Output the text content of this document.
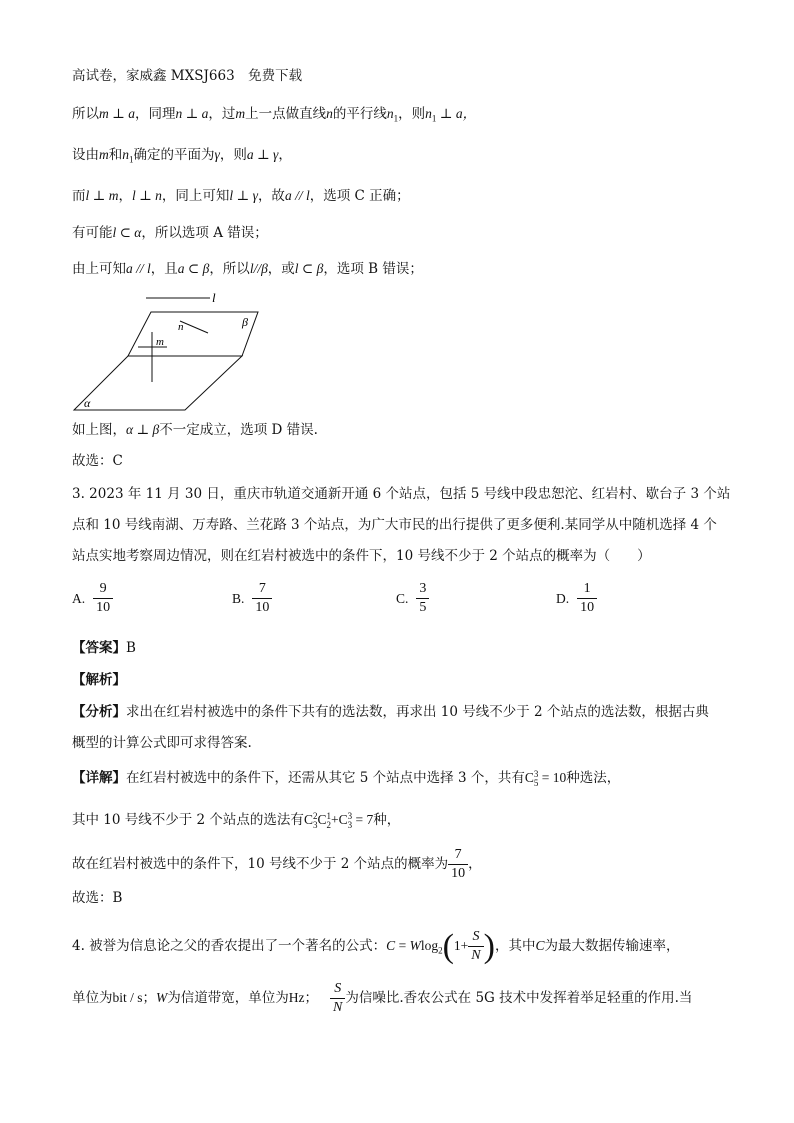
高试卷，家威鑫 MXSJ663　免费下载
所以m ⊥ a，同理n ⊥ a，过m上一点做直线n的平行线$n_1$，则$n_1$ ⊥ a，
设由m和$n_1$确定的平面为γ，则a ⊥ γ，
而l ⊥ m，l ⊥ n，同上可知l ⊥ γ，故a // l，选项 C 正确；
有可能l ⊂ α，所以选项 A 错误；
由上可知a // l，且a ⊂ β，所以l//β，或l ⊂ β，选项 B 错误；
l
β
n
m
α
如上图，α ⊥ β不一定成立，选项 D 错误.
故选：C
3. 2023 年 11 月 30 日，重庆市轨道交通新开通 6 个站点，包括 5 号线中段忠恕沱、红岩村、歇台子 3 个站
点和 10 号线南湖、万寿路、兰花路 3 个站点，为广大市民的出行提供了更多便利.某同学从中随机选择 4 个
站点实地考察周边情况，则在红岩村被选中的条件下，10 号线不少于 2 个站点的概率为（　　）
A. $\frac{9}{10}$	B. $\frac{7}{10}$	C. $\frac{3}{5}$	D. $\frac{1}{10}$
【答案】B
【解析】
【分析】求出在红岩村被选中的条件下共有的选法数，再求出 10 号线不少于 2 个站点的选法数，根据古典
概型的计算公式即可求得答案.
【详解】在红岩村被选中的条件下，还需从其它 5 个站点中选择 3 个，共有C 3
5 = 10种选法，
其中 10 号线不少于 2 个站点的选法有C 2
3 C 1
2 +C 3
3 = 7种，
故在红岩村被选中的条件下，10 号线不少于 2 个站点的概率为 $\frac{7}{10}$ ，
故选：B
4. 被誉为信息论之父的香农提出了一个著名的公式：$C = Wlog_2(1+ \frac{S}{N}$ )，其中C为最大数据传输速率，
单位为bit / s；W为信道带宽，单位为Hz； $\frac{S}{N}$ 为信噪比.香农公式在 5G 技术中发挥着举足轻重的作用.当
